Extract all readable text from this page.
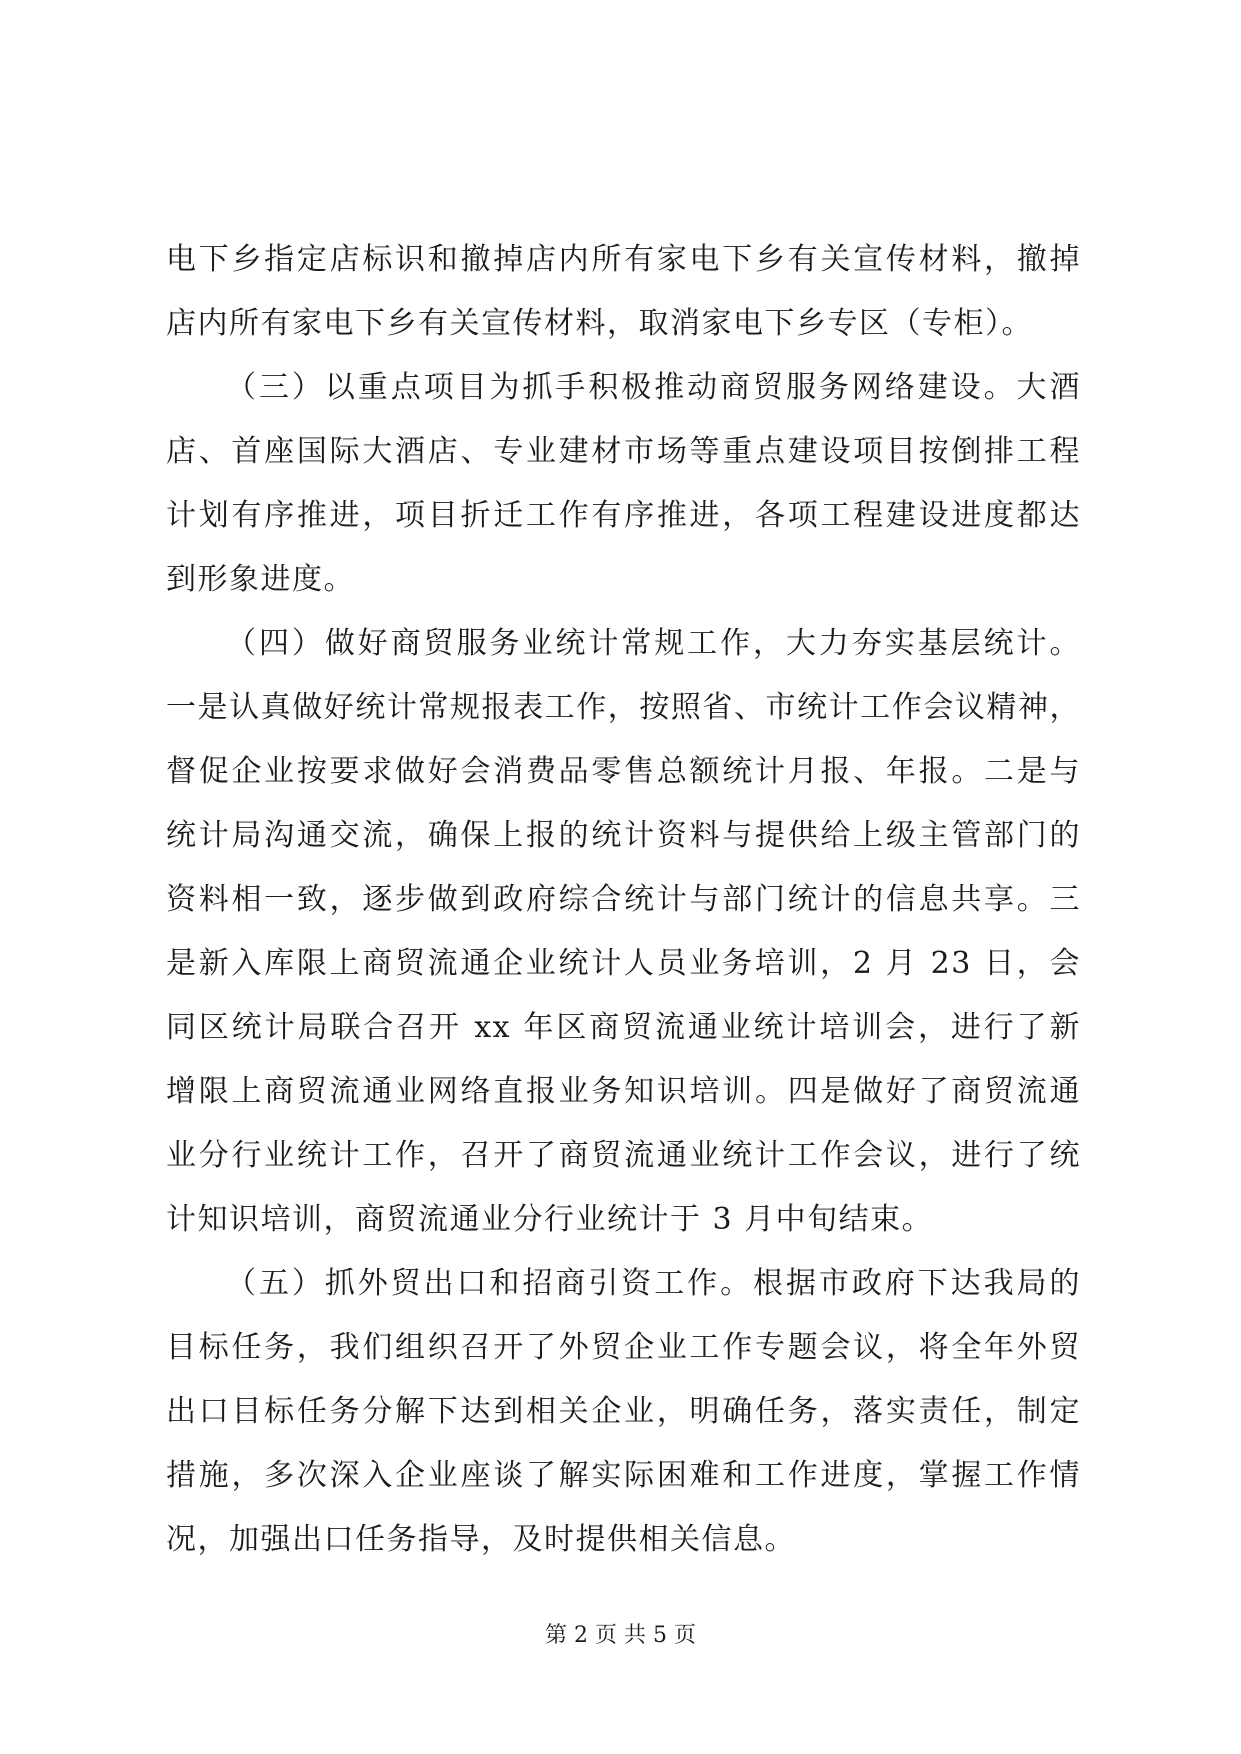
电下乡指定店标识和撤掉店内所有家电下乡有关宣传材料，撤掉
店内所有家电下乡有关宣传材料，取消家电下乡专区（专柜）。
（三）以重点项目为抓手积极推动商贸服务网络建设。大酒
店、首座国际大酒店、专业建材市场等重点建设项目按倒排工程
计划有序推进，项目折迁工作有序推进，各项工程建设进度都达
到形象进度。
（四）做好商贸服务业统计常规工作，大力夯实基层统计。
一是认真做好统计常规报表工作，按照省、市统计工作会议精神，
督促企业按要求做好会消费品零售总额统计月报、年报。二是与
统计局沟通交流，确保上报的统计资料与提供给上级主管部门的
资料相一致，逐步做到政府综合统计与部门统计的信息共享。三
是新入库限上商贸流通企业统计人员业务培训，2 月 23 日，会
同区统计局联合召开 xx 年区商贸流通业统计培训会，进行了新
增限上商贸流通业网络直报业务知识培训。四是做好了商贸流通
业分行业统计工作，召开了商贸流通业统计工作会议，进行了统
计知识培训，商贸流通业分行业统计于 3 月中旬结束。
（五）抓外贸出口和招商引资工作。根据市政府下达我局的
目标任务，我们组织召开了外贸企业工作专题会议，将全年外贸
出口目标任务分解下达到相关企业，明确任务，落实责任，制定
措施，多次深入企业座谈了解实际困难和工作进度，掌握工作情
况，加强出口任务指导，及时提供相关信息。
第 2 页 共 5 页
